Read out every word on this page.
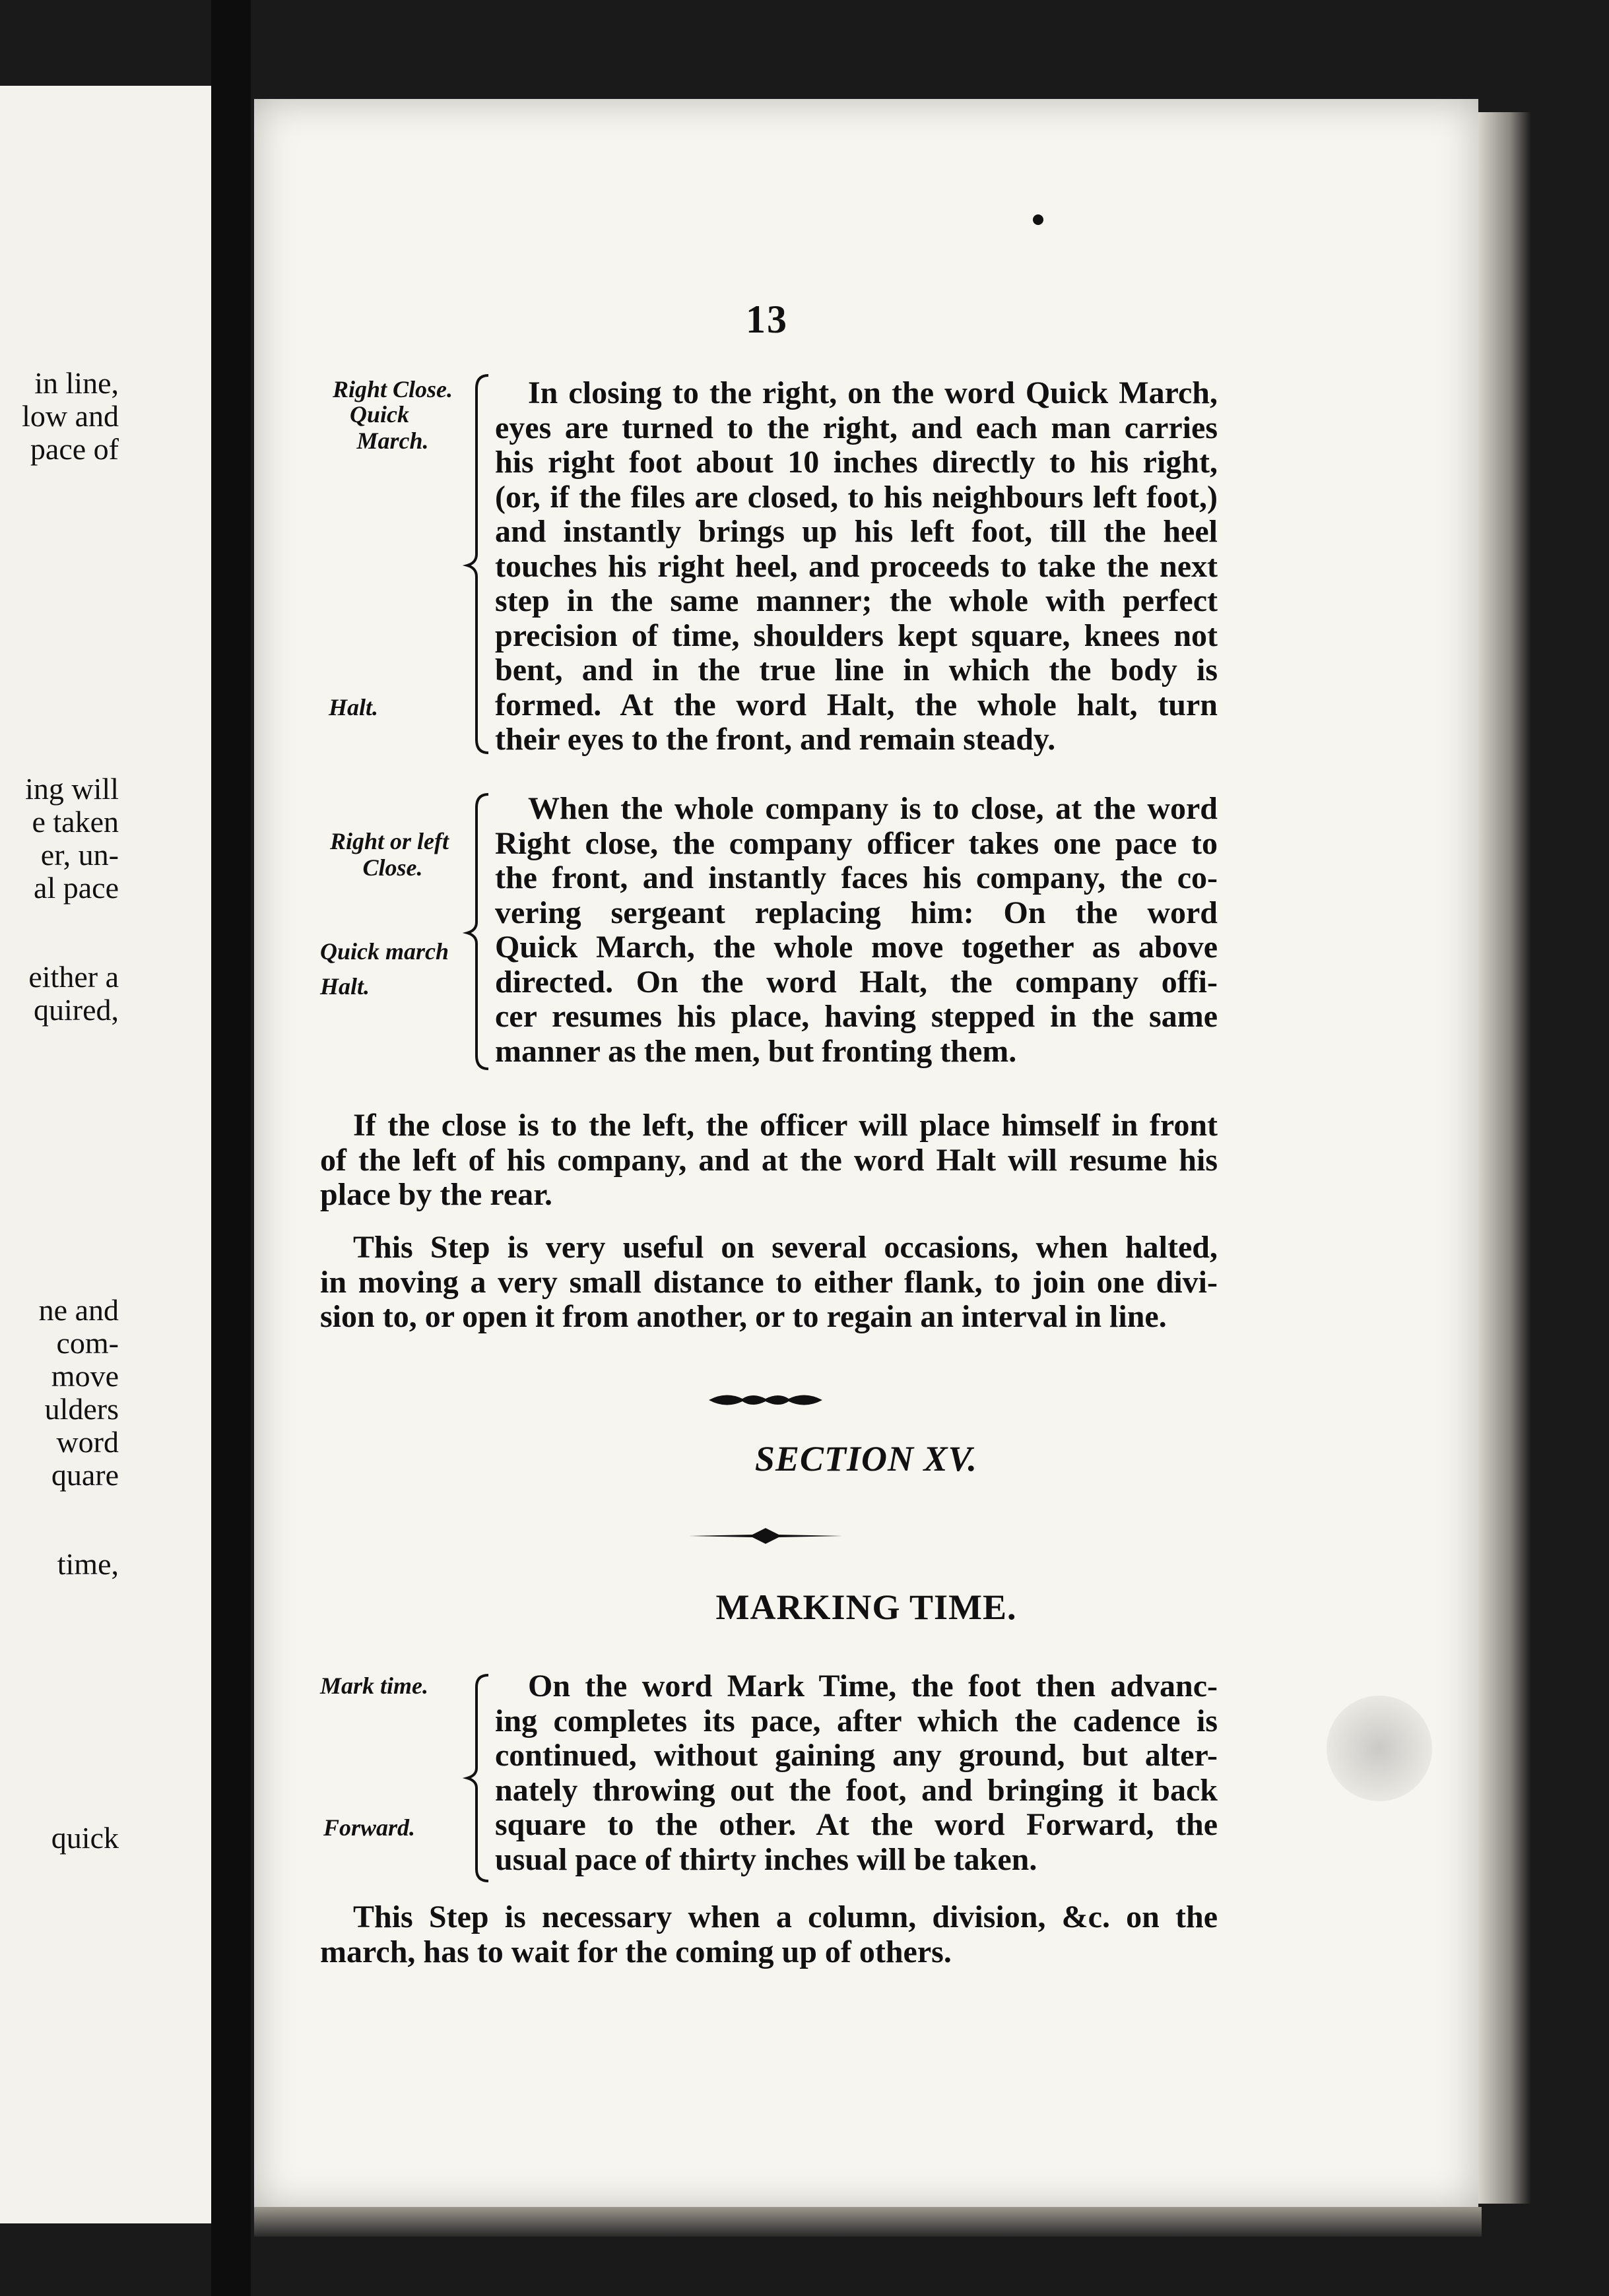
in line,
low and
pace of
ing will
e taken
er, un-
al pace
either a
quired,
ne and
com-
move
ulders
word
quare
time,
quick
13
Right Close.
Quick
March.
Halt.
In closing to the right, on the word Quick March,
eyes are turned to the right, and each man carries
his right foot about 10 inches directly to his right,
(or, if the files are closed, to his neighbours left foot,)
and instantly brings up his left foot, till the heel
touches his right heel, and proceeds to take the next
step in the same manner; the whole with perfect
precision of time, shoulders kept square, knees not
bent, and in the true line in which the body is
formed. At the word Halt, the whole halt, turn
their eyes to the front, and remain steady.
Right or left
Close.
Quick march
Halt.
When the whole company is to close, at the word
Right close, the company officer takes one pace to
the front, and instantly faces his company, the co-
vering sergeant replacing him: On the word
Quick March, the whole move together as above
directed. On the word Halt, the company offi-
cer resumes his place, having stepped in the same
manner as the men, but fronting them.
If the close is to the left, the officer will place himself in front
of the left of his company, and at the word Halt will resume his
place by the rear.
This Step is very useful on several occasions, when halted,
in moving a very small distance to either flank, to join one divi-
sion to, or open it from another, or to regain an interval in line.
SECTION XV.
MARKING TIME.
Mark time.
Forward.
On the word Mark Time, the foot then advanc-
ing completes its pace, after which the cadence is
continued, without gaining any ground, but alter-
nately throwing out the foot, and bringing it back
square to the other. At the word Forward, the
usual pace of thirty inches will be taken.
This Step is necessary when a column, division, &c. on the
march, has to wait for the coming up of others.
